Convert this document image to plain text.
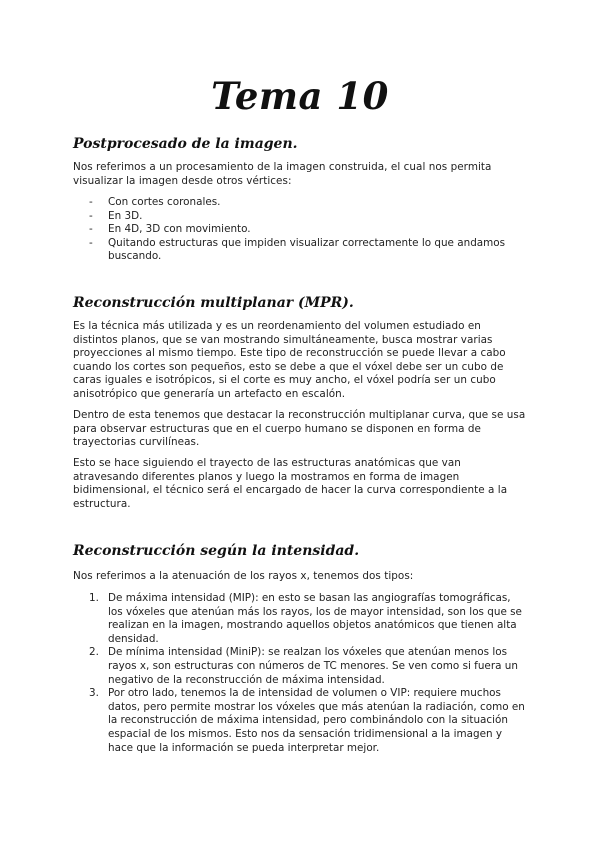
Tema 10
Postprocesado de la imagen.

Nos referimos a un procesamiento de la imagen construida, el cual nos permita visualizar la imagen desde otros vértices:

- Con cortes coronales.
- En 3D.
- En 4D, 3D con movimiento.
- Quitando estructuras que impiden visualizar correctamente lo que andamos buscando.
Reconstrucción multiplanar (MPR).

Es la técnica más utilizada y es un reordenamiento del volumen estudiado en distintos planos, que se van mostrando simultáneamente, busca mostrar varias proyecciones al mismo tiempo. Este tipo de reconstrucción se puede llevar a cabo cuando los cortes son pequeños, esto se debe a que el vóxel debe ser un cubo de caras iguales e isotrópicos, si el corte es muy ancho, el vóxel podría ser un cubo anisotrópico que generaría un artefacto en escalón.

Dentro de esta tenemos que destacar la reconstrucción multiplanar curva, que se usa para observar estructuras que en el cuerpo humano se disponen en forma de trayectorias curvilíneas.

Esto se hace siguiendo el trayecto de las estructuras anatómicas que van atravesando diferentes planos y luego la mostramos en forma de imagen bidimensional, el técnico será el encargado de hacer la curva correspondiente a la estructura.

Reconstrucción según la intensidad.

Nos referimos a la atenuación de los rayos x, tenemos dos tipos:

1. De máxima intensidad (MIP): en esto se basan las angiografías tomográficas, los vóxeles que atenúan más los rayos, los de mayor intensidad, son los que se realizan en la imagen, mostrando aquellos objetos anatómicos que tienen alta densidad.
2. De mínima intensidad (MiniP): se realzan los vóxeles que atenúan menos los rayos x, son estructuras con números de TC menores. Se ven como si fuera un negativo de la reconstrucción de máxima intensidad.
3. Por otro lado, tenemos la de intensidad de volumen o VIP: requiere muchos datos, pero permite mostrar los vóxeles que más atenúan la radiación, como en la reconstrucción de máxima intensidad, pero combinándolo con la situación espacial de los mismos. Esto nos da sensación tridimensional a la imagen y hace que la información se pueda interpretar mejor.
